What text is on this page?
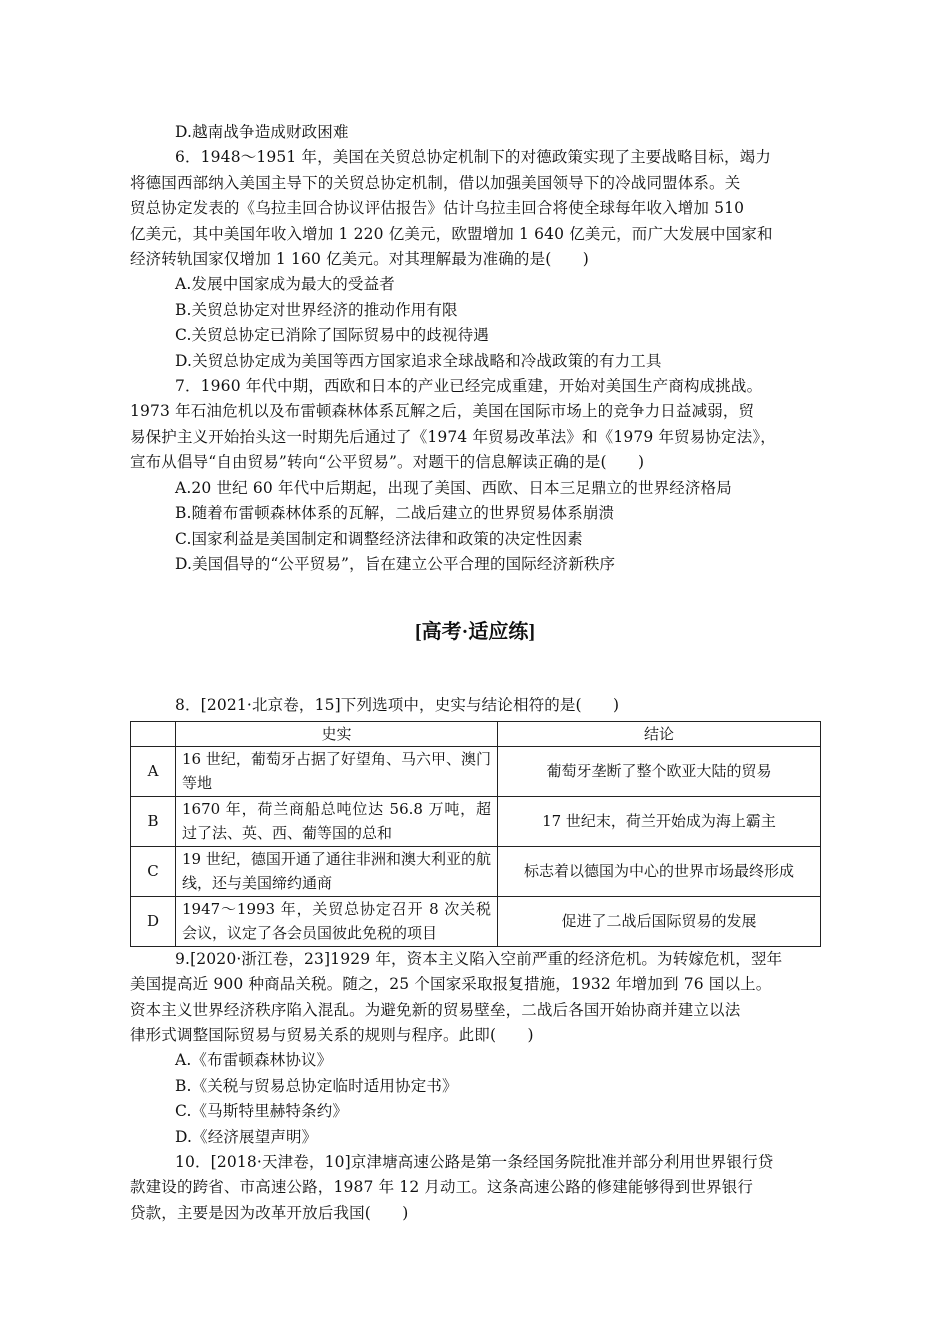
D.越南战争造成财政困难
6．1948～1951 年，美国在关贸总协定机制下的对德政策实现了主要战略目标，竭力
将德国西部纳入美国主导下的关贸总协定机制，借以加强美国领导下的冷战同盟体系。关
贸总协定发表的《乌拉圭回合协议评估报告》估计乌拉圭回合将使全球每年收入增加 510
亿美元，其中美国年收入增加 1 220 亿美元，欧盟增加 1 640 亿美元，而广大发展中国家和
经济转轨国家仅增加 1 160 亿美元。对其理解最为准确的是(　　)
A.发展中国家成为最大的受益者
B.关贸总协定对世界经济的推动作用有限
C.关贸总协定已消除了国际贸易中的歧视待遇
D.关贸总协定成为美国等西方国家追求全球战略和冷战政策的有力工具
7．1960 年代中期，西欧和日本的产业已经完成重建，开始对美国生产商构成挑战。
1973 年石油危机以及布雷顿森林体系瓦解之后，美国在国际市场上的竞争力日益减弱，贸
易保护主义开始抬头这一时期先后通过了《1974 年贸易改革法》和《1979 年贸易协定法》，
宣布从倡导“自由贸易”转向“公平贸易”。对题干的信息解读正确的是(　　)
A.20 世纪 60 年代中后期起，出现了美国、西欧、日本三足鼎立的世界经济格局
B.随着布雷顿森林体系的瓦解，二战后建立的世界贸易体系崩溃
C.国家利益是美国制定和调整经济法律和政策的决定性因素
D.美国倡导的“公平贸易”，旨在建立公平合理的国际经济新秩序
[高考·适应练]
8．[2021·北京卷，15]下列选项中，史实与结论相符的是(　　)
	史实	结论
A	16 世纪，葡萄牙占据了好望角、马六甲、澳门等地	葡萄牙垄断了整个欧亚大陆的贸易
B	1670 年，荷兰商船总吨位达 56.8 万吨，超过了法、英、西、葡等国的总和	17 世纪末，荷兰开始成为海上霸主
C	19 世纪，德国开通了通往非洲和澳大利亚的航线，还与美国缔约通商	标志着以德国为中心的世界市场最终形成
D	1947～1993 年，关贸总协定召开 8 次关税会议，议定了各会员国彼此免税的项目	促进了二战后国际贸易的发展
9.[2020·浙江卷，23]1929 年，资本主义陷入空前严重的经济危机。为转嫁危机，翌年
美国提高近 900 种商品关税。随之，25 个国家采取报复措施，1932 年增加到 76 国以上。
资本主义世界经济秩序陷入混乱。为避免新的贸易壁垒，二战后各国开始协商并建立以法
律形式调整国际贸易与贸易关系的规则与程序。此即(　　)
A.《布雷顿森林协议》
B.《关税与贸易总协定临时适用协定书》
C.《马斯特里赫特条约》
D.《经济展望声明》
10．[2018·天津卷，10]京津塘高速公路是第一条经国务院批准并部分利用世界银行贷
款建设的跨省、市高速公路，1987 年 12 月动工。这条高速公路的修建能够得到世界银行
贷款，主要是因为改革开放后我国(　　)
